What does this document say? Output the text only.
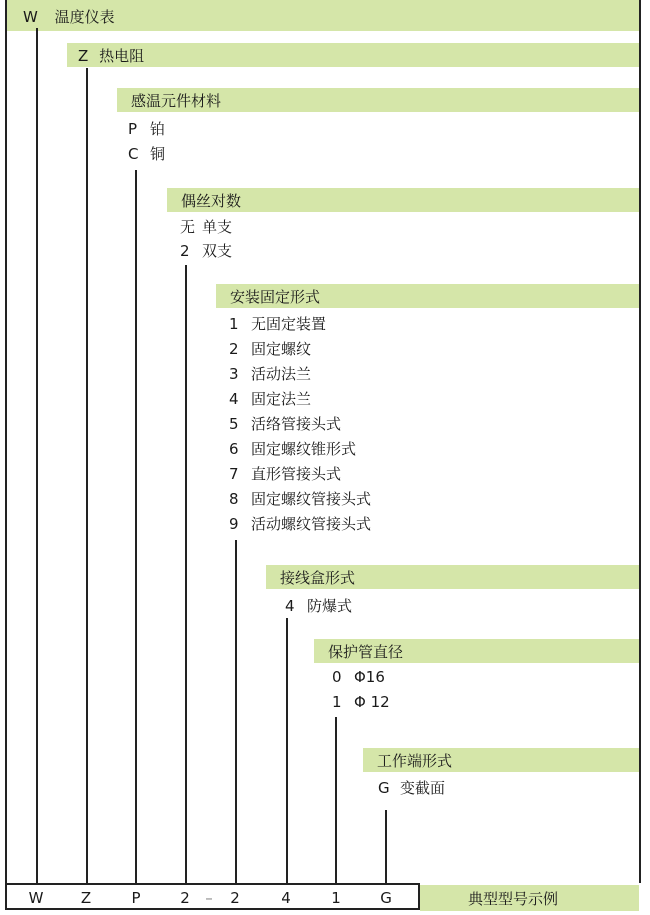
W 温度仪表
Z 热电阻
感温元件材料
P 铂
C 铜
偶丝对数
无 单支
2 双支
安装固定形式
1 无固定装置
2 固定螺纹
3 活动法兰
4 固定法兰
5 活络管接头式
6 固定螺纹锥形式
7 直形管接头式
8 固定螺纹管接头式
9 活动螺纹管接头式
接线盒形式
4 防爆式
保护管直径
0 Φ16
1 Φ 12
工作端形式
G 变截面
W Z	P	2 – 2	4	1	G	典型型号示例
